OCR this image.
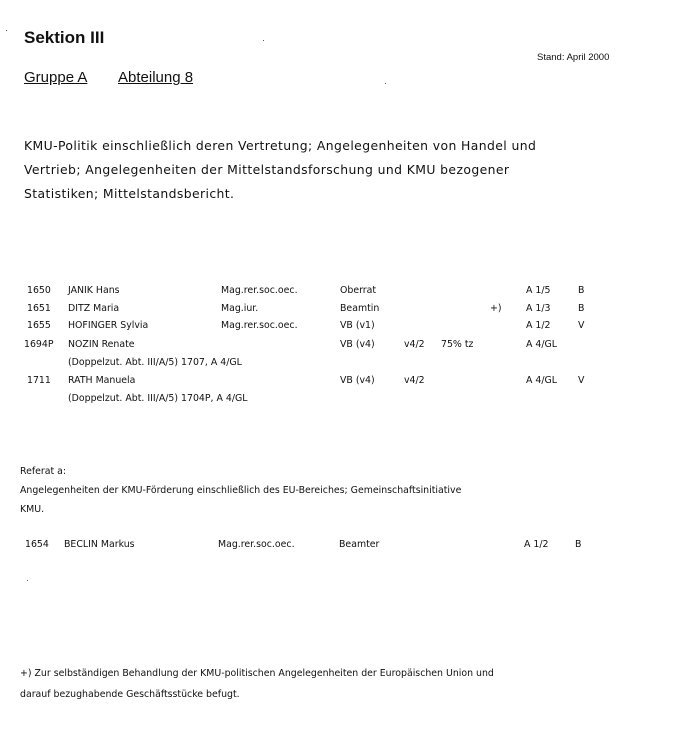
Sektion III
Stand: April 2000
Gruppe A Abteilung 8
KMU-Politik einschließlich deren Vertretung; Angelegenheiten von Handel und
Vertrieb; Angelegenheiten der Mittelstandsforschung und KMU bezogener
Statistiken; Mittelstandsbericht.
1650 JANIK Hans	Mag.rer.soc.oec.	Oberrat	A 1/5	B
1651 DITZ Maria	Mag.iur.	Beamtin	+)	A 1/3	B
1655 HOFINGER Sylvia	Mag.rer.soc.oec.	VB (v1)	A 1/2	V
1694P NOZIN Renate	VB (v4)	v4/2 75% tz	A 4/GL
(Doppelzut. Abt. III/A/5) 1707, A 4/GL
1711 RATH Manuela	VB (v4)	v4/2	A 4/GL V
(Doppelzut. Abt. III/A/5) 1704P, A 4/GL
Referat a:
Angelegenheiten der KMU-Förderung einschließlich des EU-Bereiches; Gemeinschaftsinitiative
KMU.
1654 BECLIN Markus	Mag.rer.soc.oec.	Beamter	A 1/2	B
+) Zur selbständigen Behandlung der KMU-politischen Angelegenheiten der Europäischen Union und
darauf bezughabende Geschäftsstücke befugt.
